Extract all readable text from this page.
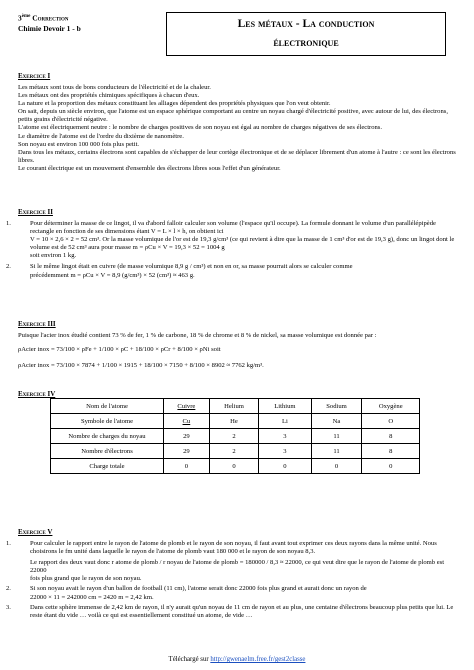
3ème Correction
Chimie Devoir 1 - b	Les métaux - La conduction
électronique
Exercice I

Les métaux sont tous de bons conducteurs de l'électricité et de la chaleur.

Les métaux ont des propriétés chimiques spécifiques à chacun d'eux.

La nature et la proportion des métaux constituant les alliages dépendent des propriétés physiques que l'on veut obtenir.

On sait, depuis un siècle environ, que l'atome est un espace sphérique comportant au centre un noyau chargé d'électricité positive, avec autour de lui, des électrons, petits grains d'électricité négative.

L'atome est électriquement neutre : le nombre de charges positives de son noyau est égal au nombre de charges négatives de ses électrons.

Le diamètre de l'atome est de l'ordre du dixième de nanomètre.

Son noyau est environ 100 000 fois plus petit.

Dans tous les métaux, certains électrons sont capables de s'échapper de leur cortège électronique et de se déplacer librement d'un atome à l'autre : ce sont les électrons libres.

Le courant électrique est un mouvement d'ensemble des électrons libres sous l'effet d'un générateur.

Exercice II
1.	Pour déterminer la masse de ce lingot, il va d'abord falloir calculer son volume (l'espace qu'il occupe). La formule donnant le volume d'un parallélépipède rectangle en fonction de ses dimensions étant V = L × l × h, on obtient ici

V = 10 × 2,6 × 2 = 52 cm³. Or la masse volumique de l'or est de 19,3 g/cm³ (ce qui revient à dire que la masse de 1 cm³ d'or est de 19,3 g), donc un lingot dont le volume est de 52 cm³ aura pour masse m = ρCu × V = 19,3 × 52 = 1004 g

soit environ 1 kg.

2.	Si le même lingot était en cuivre (de masse volumique 8,9 g / cm³) et non en or, sa masse pourrait alors se calculer comme

précédemment m = ρCu × V = 8,9 (g/cm³) × 52 (cm³) ≈ 463 g.

Exercice III

Puisque l'acier inox étudié contient 73 % de fer, 1 % de carbone, 18 % de chrome et 8 % de nickel, sa masse volumique est donnée par :

ρAcier inox = 73/100 × ρFe + 1/100 × ρC + 18/100 × ρCr + 8/100 × ρNi soit

ρAcier inox = 73/100 × 7874 + 1/100 × 1915 + 18/100 × 7150 + 8/100 × 8902 ≈ 7762 kg/m³.

Exercice IV
Nom de l'atome	Cuivre	Helium	Lithium	Sodium	Oxygène
Symbole de l'atome	Cu	He	Li	Na	O
Nombre de charges du noyau	29	2	3	11	8
Nombre d'électrons	29	2	3	11	8
Charge totale	0	0	0	0	0
Exercice V
1.	Pour calculer le rapport entre le rayon de l'atome de plomb et le rayon de son noyau, il faut avant tout exprimer ces deux rayons dans la même unité. Nous choisirons le fm unité dans laquelle le rayon de l'atome de plomb vaut 180 000 et le rayon de son noyau 8,3.

Le rapport des deux vaut donc r atome de plomb / r noyau de l'atome de plomb = 180000 / 8,3 ≈ 22000, ce qui veut dire que le rayon de l'atome de plomb est 22000

fois plus grand que le rayon de son noyau.

2.	Si son noyau avait le rayon d'un ballon de football (11 cm), l'atome serait donc 22000 fois plus grand et aurait donc un rayon de

22000 × 11 = 242000 cm = 2420 m = 2,42 km.

3.	Dans cette sphère immense de 2,42 km de rayon, il n'y aurait qu'un noyau de 11 cm de rayon et au plus, une centaine d'électrons beaucoup plus petits que lui. Le reste étant du vide … voilà ce qui est essentiellement constitué un atome, de vide …

Téléchargé sur http://gwenaelm.free.fr/gest2classe
